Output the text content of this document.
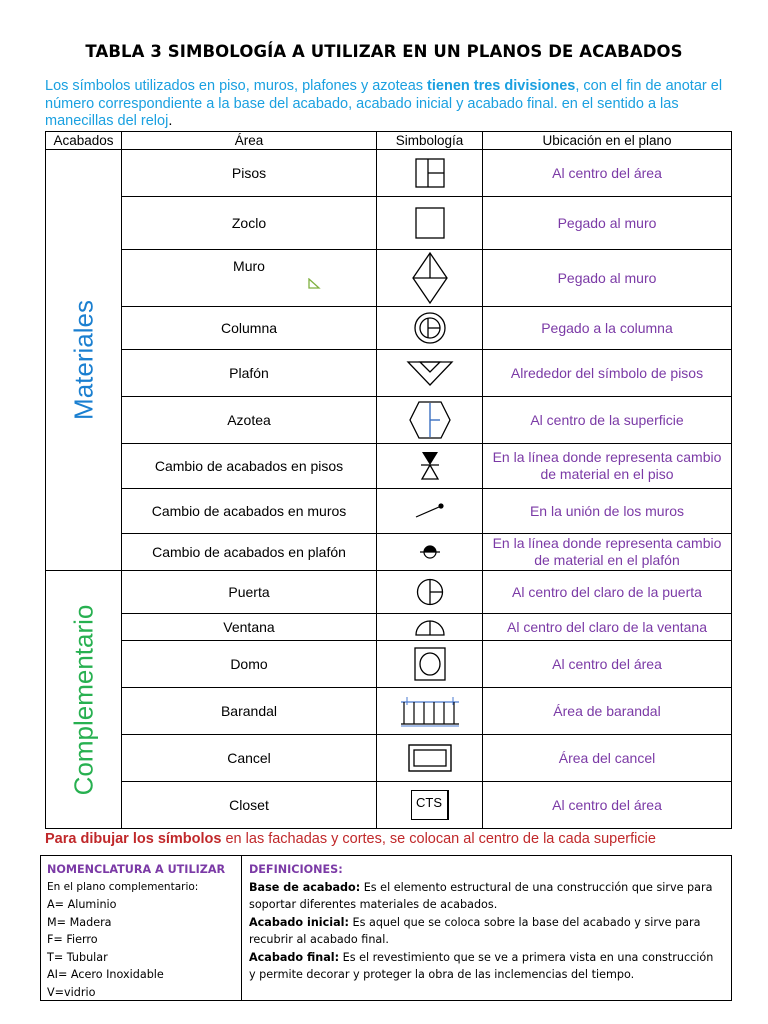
TABLA 3 SIMBOLOGÍA A UTILIZAR EN UN PLANOS DE ACABADOS
Los símbolos utilizados en piso, muros, plafones y azoteas tienen tres divisiones, con el fin de anotar el número correspondiente a la base del acabado, acabado inicial y acabado final. en el sentido a las manecillas del reloj.
Acabados	Área	Simbología	Ubicación en el plano

Materiales	Pisos		Al centro del área
	Zoclo		Pegado al muro
	Muro		Pegado al muro
	Columna		Pegado a la columna
	Plafón		Alrededor del símbolo de pisos
	Azotea		Al centro de la superficie
	Cambio de acabados en pisos		En la línea donde representa cambio de material en el piso
	Cambio de acabados en muros		En la unión de los muros
	Cambio de acabados en plafón		En la línea donde representa cambio de material en el plafón

Complementario	Puerta		Al centro del claro de la puerta
	Ventana		Al centro del claro de la ventana
	Domo		Al centro del área
	Barandal		Área de barandal
	Cancel		Área del cancel
	Closet	CTS	Al centro del área
Para dibujar los símbolos en las fachadas y cortes, se colocan al centro de la cada superficie

NOMENCLATURA A UTILIZAR

En el plano complementario:

A= Aluminio

M= Madera

F= Fierro

T= Tubular

AI= Acero Inoxidable

V=vidrio

DEFINICIONES:

Base de acabado: Es el elemento estructural de una construcción que sirve para soportar diferentes materiales de acabados.

Acabado inicial: Es aquel que se coloca sobre la base del acabado y sirve para recubrir al acabado final.

Acabado final: Es el revestimiento que se ve a primera vista en una construcción y permite decorar y proteger la obra de las inclemencias del tiempo.
